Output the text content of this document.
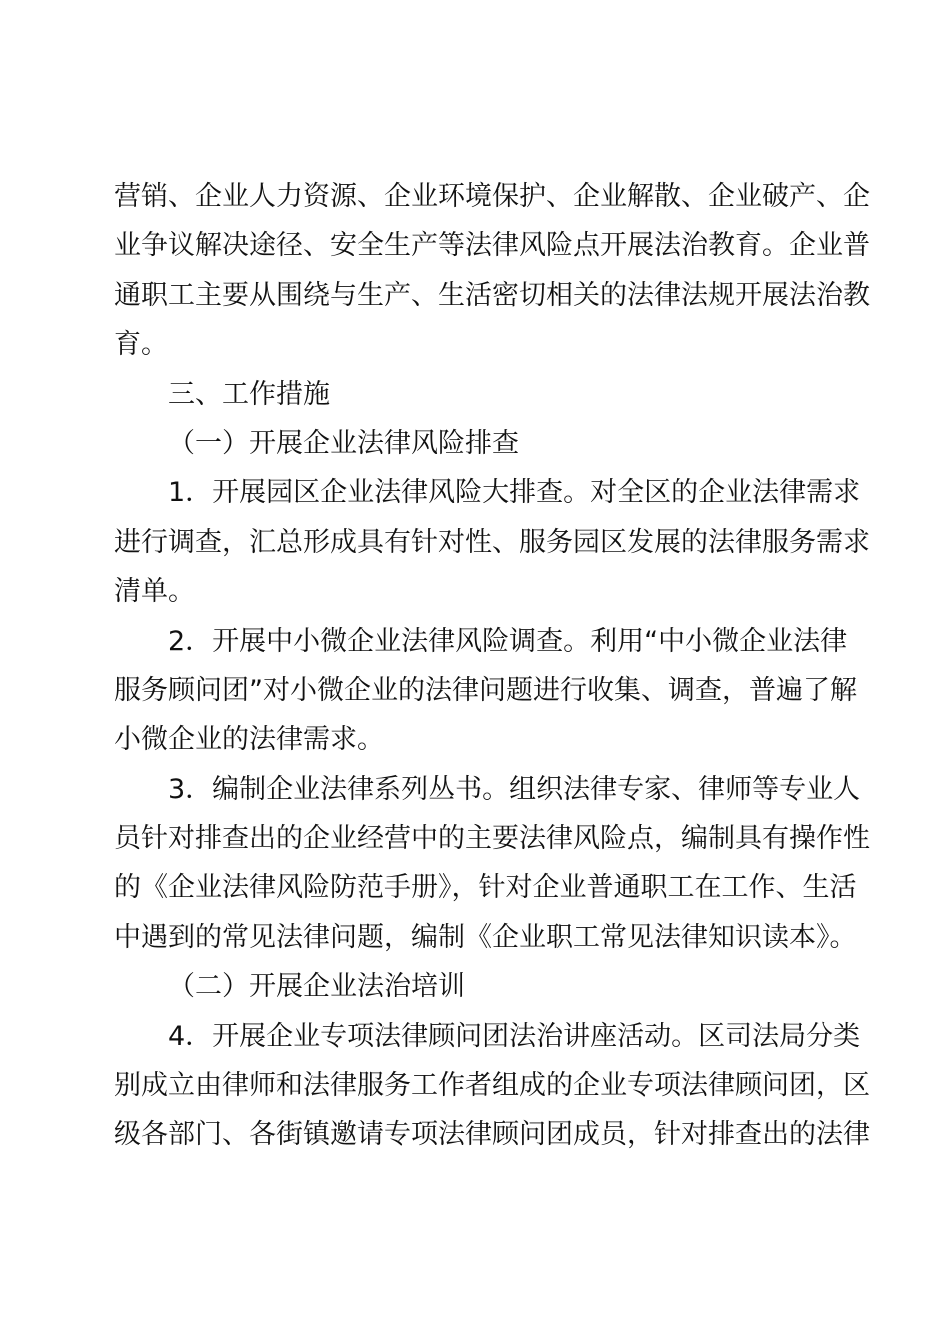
营销、企业人力资源、企业环境保护、企业解散、企业破产、企
业争议解决途径、安全生产等法律风险点开展法治教育。企业普
通职工主要从围绕与生产、生活密切相关的法律法规开展法治教
育。
三、工作措施
（一）开展企业法律风险排查
1．开展园区企业法律风险大排查。对全区的企业法律需求
进行调查，汇总形成具有针对性、服务园区发展的法律服务需求
清单。
2．开展中小微企业法律风险调查。利用“中小微企业法律
服务顾问团”对小微企业的法律问题进行收集、调查，普遍了解
小微企业的法律需求。
3．编制企业法律系列丛书。组织法律专家、律师等专业人
员针对排查出的企业经营中的主要法律风险点，编制具有操作性
的《企业法律风险防范手册》，针对企业普通职工在工作、生活
中遇到的常见法律问题，编制《企业职工常见法律知识读本》。
（二）开展企业法治培训
4．开展企业专项法律顾问团法治讲座活动。区司法局分类
别成立由律师和法律服务工作者组成的企业专项法律顾问团，区
级各部门、各街镇邀请专项法律顾问团成员，针对排查出的法律
